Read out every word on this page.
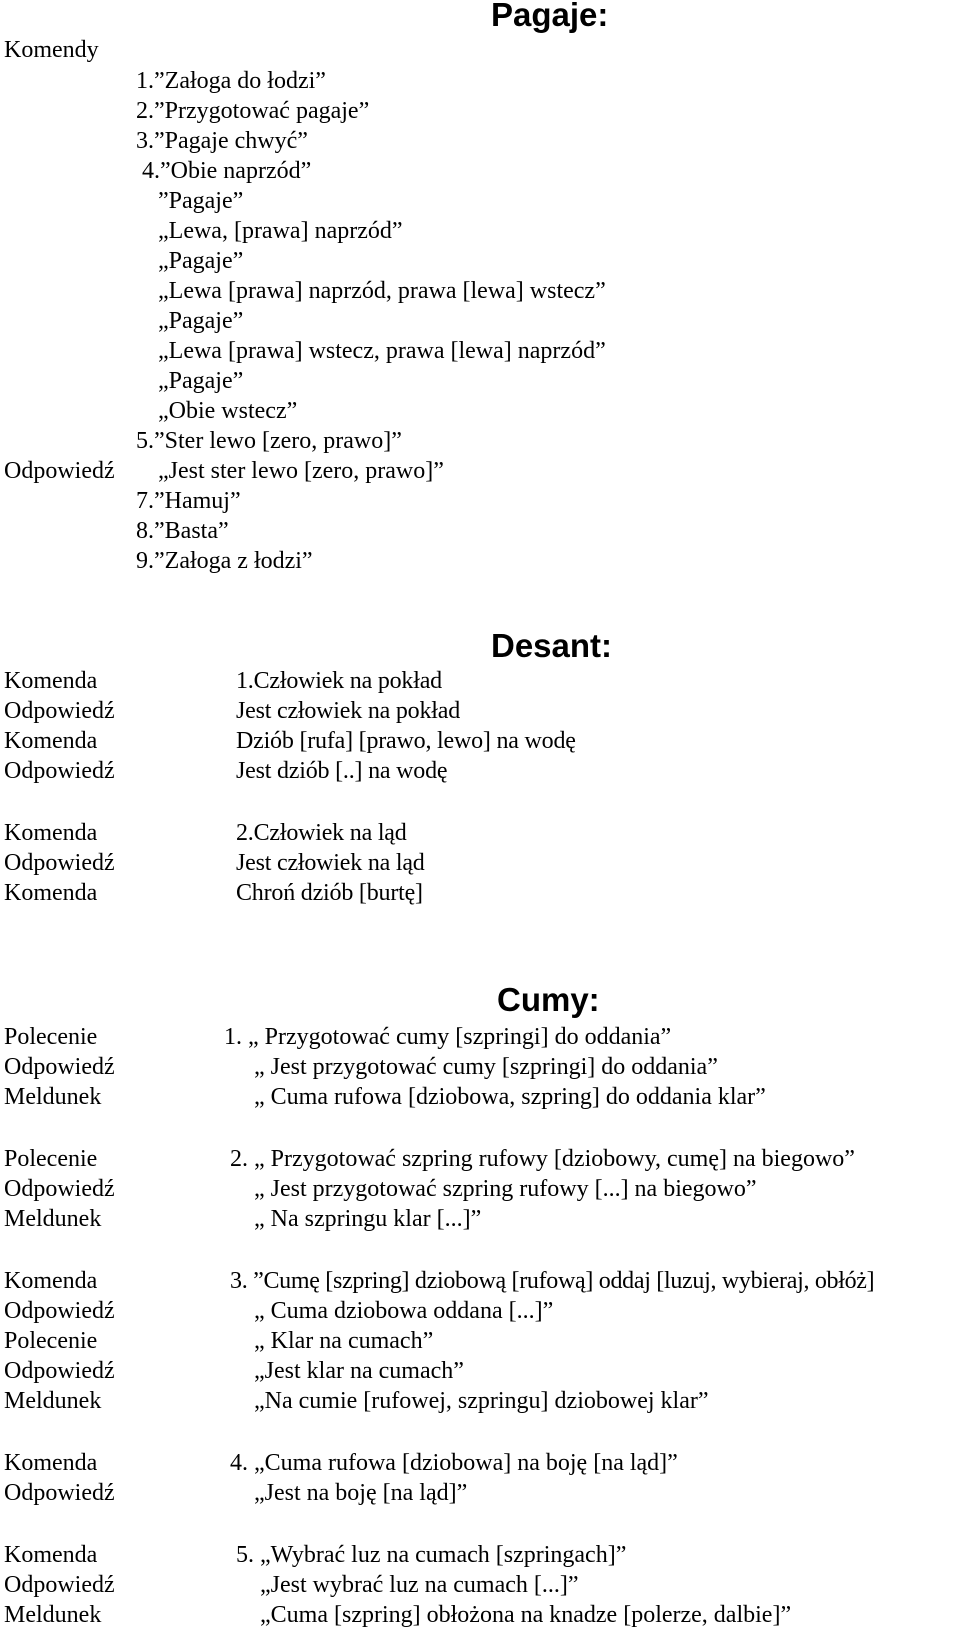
Pagaje:
Komendy
1.”Załoga do łodzi”
2.”Przygotować pagaje”
3.”Pagaje chwyć”
4.”Obie naprzód”
”Pagaje”
„Lewa, [prawa] naprzód”
„Pagaje”
„Lewa [prawa] naprzód, prawa [lewa] wstecz”
„Pagaje”
„Lewa [prawa] wstecz, prawa [lewa] naprzód”
„Pagaje”
„Obie wstecz”
5.”Ster lewo [zero, prawo]”
Odpowiedź „Jest ster lewo [zero, prawo]”
7.”Hamuj”
8.”Basta”
9.”Załoga z łodzi”
Desant:
Komenda	1.Człowiek na pokład
Odpowiedź	Jest człowiek na pokład
Komenda	Dziób [rufa] [prawo, lewo] na wodę
Odpowiedź	Jest dziób [..] na wodę
Komenda	2.Człowiek na ląd
Odpowiedź	Jest człowiek na ląd
Komenda	Chroń dziób [burtę]
Cumy:
Polecenie	1. „ Przygotować cumy [szpringi] do oddania”
Odpowiedź	„ Jest przygotować cumy [szpringi] do oddania”
Meldunek	„ Cuma rufowa [dziobowa, szpring] do oddania klar”
Polecenie	2. „ Przygotować szpring rufowy [dziobowy, cumę] na biegowo”
Odpowiedź	„ Jest przygotować szpring rufowy [...] na biegowo”
Meldunek	„ Na szpringu klar [...]”
Komenda	3. ”Cumę [szpring] dziobową [rufową] oddaj [luzuj, wybieraj, obłóż]
Odpowiedź	„ Cuma dziobowa oddana [...]”
Polecenie	„ Klar na cumach”
Odpowiedź	„Jest klar na cumach”
Meldunek	„Na cumie [rufowej, szpringu] dziobowej klar”
Komenda	4. „Cuma rufowa [dziobowa] na boję [na ląd]”
Odpowiedź	„Jest na boję [na ląd]”
Komenda	5. „Wybrać luz na cumach [szpringach]”
Odpowiedź	„Jest wybrać luz na cumach [...]”
Meldunek	„Cuma [szpring] obłożona na knadze [polerze, dalbie]”
